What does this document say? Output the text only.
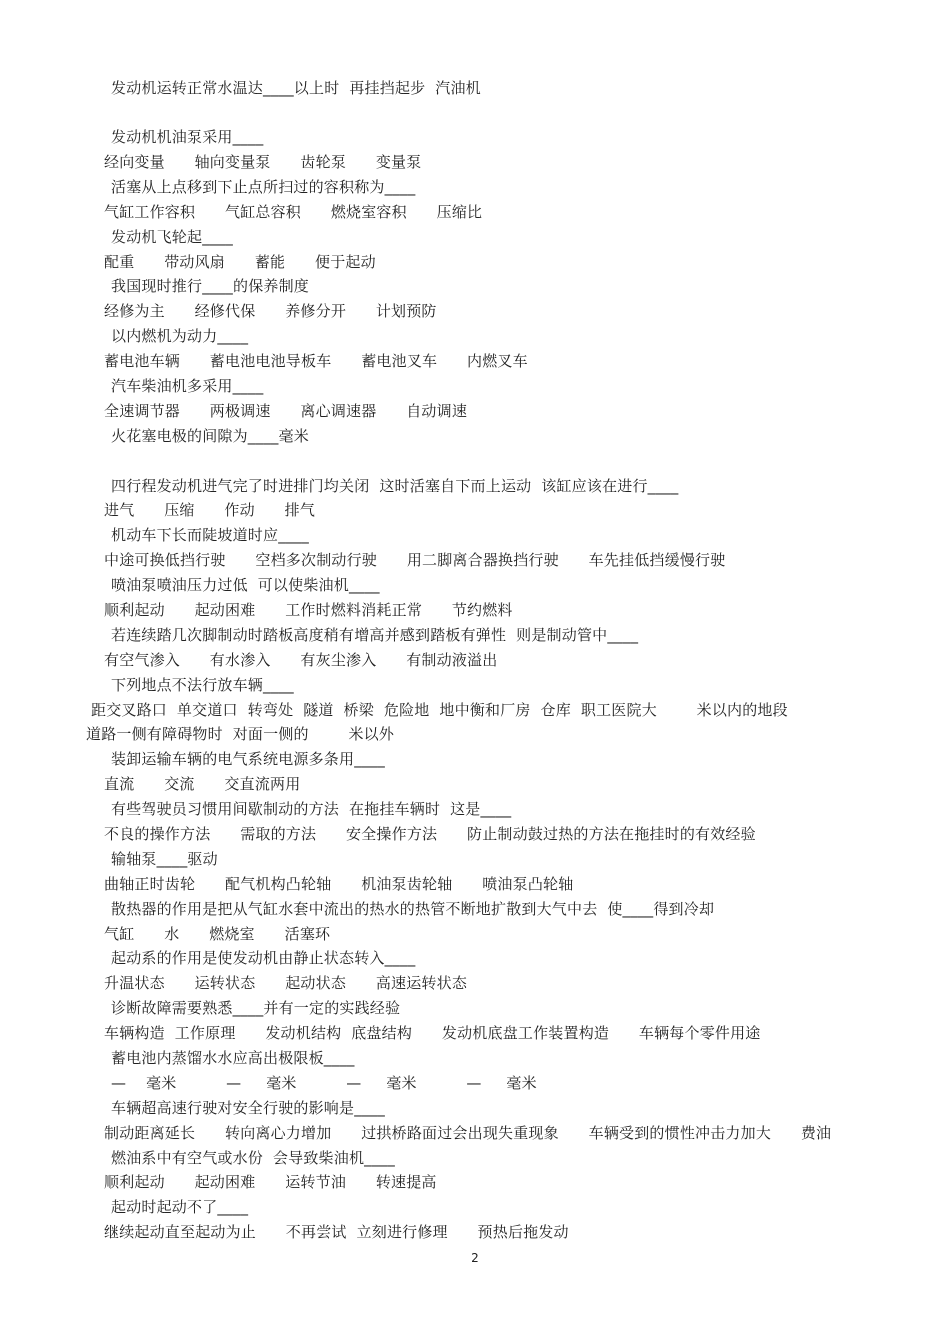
发动机运转正常水温达____以上时  再挂挡起步  汽油机
发动机机油泵采用____
经向变量      轴向变量泵      齿轮泵      变量泵
活塞从上点移到下止点所扫过的容积称为____
气缸工作容积      气缸总容积      燃烧室容积      压缩比
发动机飞轮起____
配重      带动风扇      蓄能      便于起动
我国现时推行____的保养制度
经修为主      经修代保      养修分开      计划预防
以内燃机为动力____
蓄电池车辆      蓄电池电池导板车      蓄电池叉车      内燃叉车
汽车柴油机多采用____
全速调节器      两极调速      离心调速器      自动调速
火花塞电极的间隙为____毫米
四行程发动机进气完了时进排门均关闭  这时活塞自下而上运动  该缸应该在进行____
进气      压缩      作动      排气
机动车下长而陡坡道时应____
中途可换低挡行驶      空档多次制动行驶      用二脚离合器换挡行驶      车先挂低挡缓慢行驶
喷油泵喷油压力过低  可以使柴油机____
顺利起动      起动困难      工作时燃料消耗正常      节约燃料
若连续踏几次脚制动时踏板高度稍有增高并感到踏板有弹性  则是制动管中____
有空气渗入      有水渗入      有灰尘渗入      有制动液溢出
下列地点不法行放车辆____
距交叉路口  单交道口  转弯处  隧道  桥梁  危险地  地中衡和厂房  仓库  职工医院大        米以内的地段
道路一侧有障碍物时  对面一侧的        米以外
装卸运输车辆的电气系统电源多条用____
直流      交流      交直流两用
有些驾驶员习惯用间歇制动的方法  在拖挂车辆时  这是____
不良的操作方法      需取的方法      安全操作方法      防止制动鼓过热的方法在拖挂时的有效经验
输轴泵____驱动
曲轴正时齿轮      配气机构凸轮轴      机油泵齿轮轴      喷油泵凸轮轴
散热器的作用是把从气缸水套中流出的热水的热管不断地扩散到大气中去  使____得到冷却
气缸      水      燃烧室      活塞环
起动系的作用是使发动机由静止状态转入____
升温状态      运转状态      起动状态      高速运转状态
诊断故障需要熟悉____并有一定的实践经验
车辆构造  工作原理      发动机结构  底盘结构      发动机底盘工作装置构造      车辆每个零件用途
蓄电池内蒸馏水水应高出极限板____
—    毫米          —     毫米          —     毫米          —     毫米
车辆超高速行驶对安全行驶的影响是____
制动距离延长      转向离心力增加      过拱桥路面过会出现失重现象      车辆受到的惯性冲击力加大      费油
燃油系中有空气或水份  会导致柴油机____
顺利起动      起动困难      运转节油      转速提高
起动时起动不了____
继续起动直至起动为止      不再尝试  立刻进行修理      预热后拖发动
2
